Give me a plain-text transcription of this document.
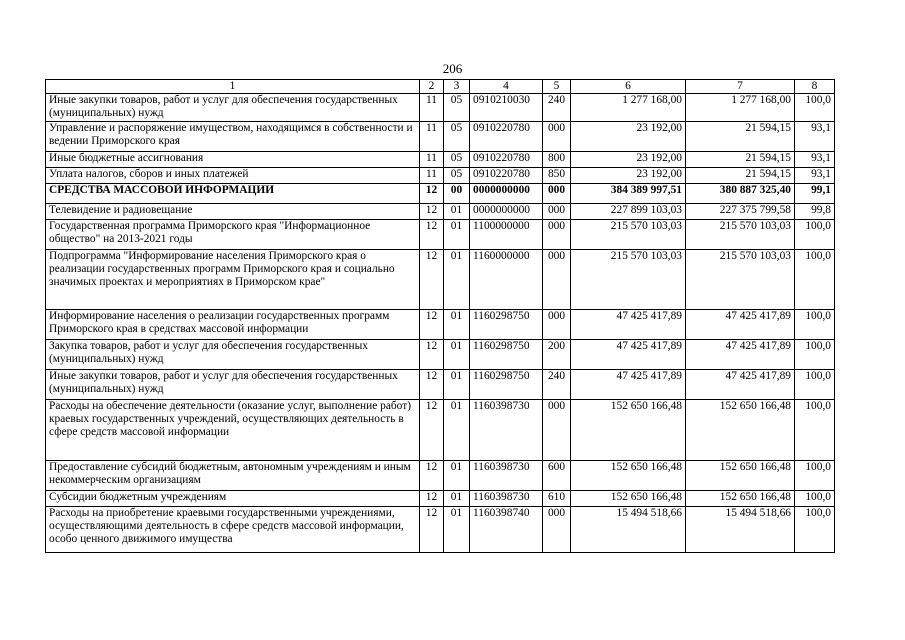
206
1	2	3	4	5	6	7	8
Иные закупки товаров, работ и услуг для обеспечения государственных (муниципальных) нужд	11	05	0910210030	240	1 277 168,00	1 277 168,00	100,0
Управление и распоряжение имуществом, находящимся в собственности и ведении Приморского края	11	05	0910220780	000	23 192,00	21 594,15	93,1
Иные бюджетные ассигнования	11	05	0910220780	800	23 192,00	21 594,15	93,1
Уплата налогов, сборов и иных платежей	11	05	0910220780	850	23 192,00	21 594,15	93,1
СРЕДСТВА МАССОВОЙ ИНФОРМАЦИИ	12	00	0000000000	000	384 389 997,51	380 887 325,40	99,1
Телевидение и радиовещание	12	01	0000000000	000	227 899 103,03	227 375 799,58	99,8
Государственная программа Приморского края "Информационное общество" на 2013-2021 годы	12	01	1100000000	000	215 570 103,03	215 570 103,03	100,0
Подпрограмма "Информирование населения Приморского края о реализации государственных программ Приморского края и социально значимых проектах и мероприятиях в Приморском крае"	12	01	1160000000	000	215 570 103,03	215 570 103,03	100,0
Информирование населения о реализации государственных программ Приморского края в средствах массовой информации	12	01	1160298750	000	47 425 417,89	47 425 417,89	100,0
Закупка товаров, работ и услуг для обеспечения государственных (муниципальных) нужд	12	01	1160298750	200	47 425 417,89	47 425 417,89	100,0
Иные закупки товаров, работ и услуг для обеспечения государственных (муниципальных) нужд	12	01	1160298750	240	47 425 417,89	47 425 417,89	100,0
Расходы на обеспечение деятельности (оказание услуг, выполнение работ) краевых государственных учреждений, осуществляющих деятельность в сфере средств массовой информации	12	01	1160398730	000	152 650 166,48	152 650 166,48	100,0
Предоставление субсидий бюджетным, автономным учреждениям и иным некоммерческим организациям	12	01	1160398730	600	152 650 166,48	152 650 166,48	100,0
Субсидии бюджетным учреждениям	12	01	1160398730	610	152 650 166,48	152 650 166,48	100,0
Расходы на приобретение краевыми государственными учреждениями, осуществляющими деятельность в сфере средств массовой информации, особо ценного движимого имущества	12	01	1160398740	000	15 494 518,66	15 494 518,66	100,0
